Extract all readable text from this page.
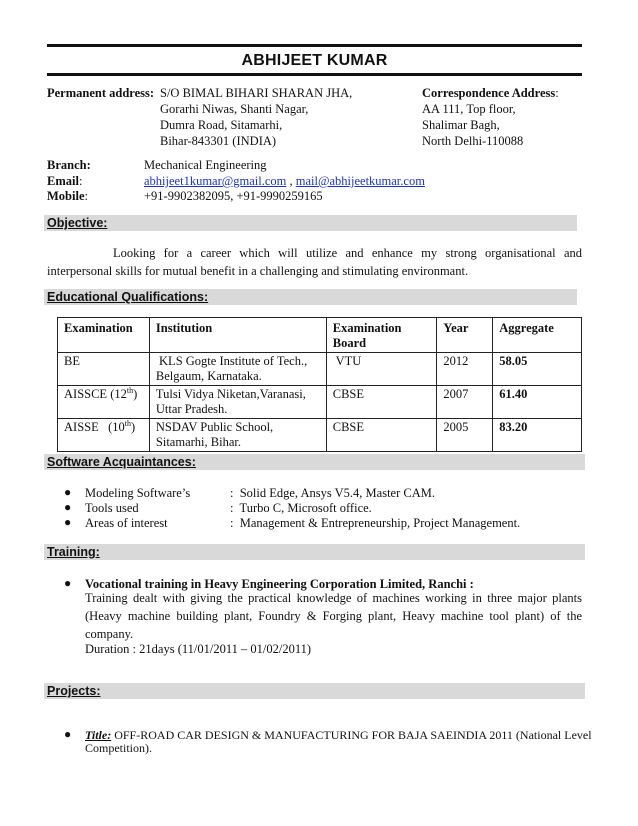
ABHIJEET KUMAR
Permanent address: S/O BIMAL BIHARI SHARAN JHA,
Gorarhi Niwas, Shanti Nagar,
Dumra Road, Sitamarhi,
Bihar-843301 (INDIA)
Correspondence Address:
AA 111, Top floor,
Shalimar Bagh,
North Delhi-110088
Branch:	Mechanical Engineering
Email:	abhijeet1kumar@gmail.com , mail@abhijeetkumar.com
Mobile:	+91-9902382095, +91-9990259165
Objective:
Looking for a career which will utilize and enhance my strong organisational and interpersonal skills for mutual benefit in a challenging and stimulating environmant.
Educational Qualifications:
Examination	Institution	Examination Board	Year	Aggregate
BE	KLS Gogte Institute of Tech.,
Belgaum, Karnataka.	VTU	2012	58.05
AISSCE (12th)	Tulsi Vidya Niketan,Varanasi,
Uttar Pradesh.	CBSE	2007	61.40
AISSE   (10th)	NSDAV Public School,
Sitamarhi, Bihar.	CBSE	2005	83.20
Software Acquaintances:
● Modeling Software’s	:  Solid Edge, Ansys V5.4, Master CAM.
● Tools used	:  Turbo C, Microsoft office.
● Areas of interest	:  Management & Entrepreneurship, Project Management.
Training:
● Vocational training in Heavy Engineering Corporation Limited, Ranchi :
Training dealt with giving the practical knowledge of machines working in three major plants (Heavy machine building plant, Foundry & Forging plant, Heavy machine tool plant) of the company.
Duration : 21days (11/01/2011 – 01/02/2011)
Projects:
● Title: OFF-ROAD CAR DESIGN & MANUFACTURING FOR BAJA SAEINDIA 2011 (National Level
Competition).
